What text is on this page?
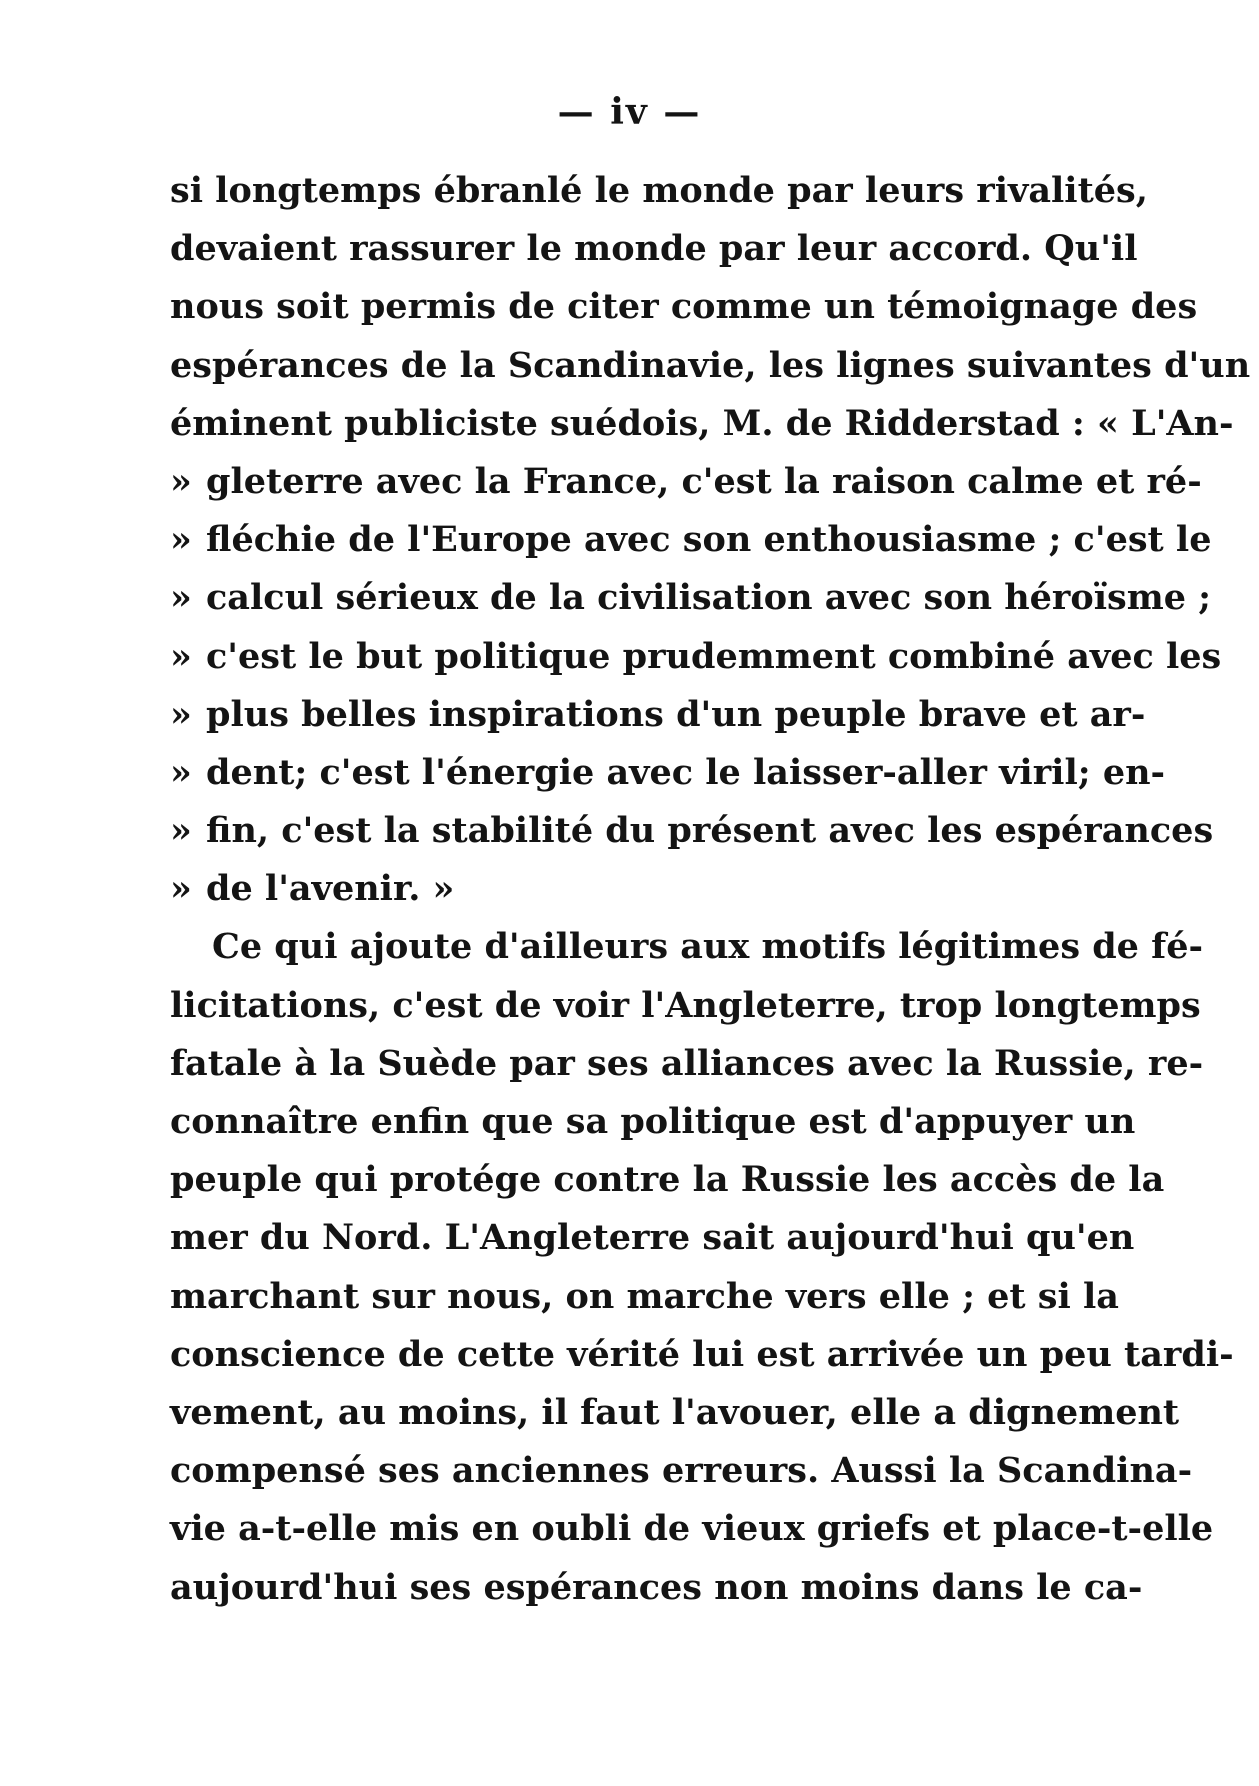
— iv —
si longtemps ébranlé le monde par leurs rivalités,
devaient rassurer le monde par leur accord. Qu'il
nous soit permis de citer comme un témoignage des
espérances de la Scandinavie, les lignes suivantes d'un
éminent publiciste suédois, M. de Ridderstad : « L'An-
» gleterre avec la France, c'est la raison calme et ré-
» fléchie de l'Europe avec son enthousiasme ; c'est le
» calcul sérieux de la civilisation avec son héroïsme ;
» c'est le but politique prudemment combiné avec les
» plus belles inspirations d'un peuple brave et ar-
» dent; c'est l'énergie avec le laisser-aller viril; en-
» fin, c'est la stabilité du présent avec les espérances
» de l'avenir. »
Ce qui ajoute d'ailleurs aux motifs légitimes de fé-
licitations, c'est de voir l'Angleterre, trop longtemps
fatale à la Suède par ses alliances avec la Russie, re-
connaître enfin que sa politique est d'appuyer un
peuple qui protége contre la Russie les accès de la
mer du Nord. L'Angleterre sait aujourd'hui qu'en
marchant sur nous, on marche vers elle ; et si la
conscience de cette vérité lui est arrivée un peu tardi-
vement, au moins, il faut l'avouer, elle a dignement
compensé ses anciennes erreurs. Aussi la Scandina-
vie a-t-elle mis en oubli de vieux griefs et place-t-elle
aujourd'hui ses espérances non moins dans le ca-
